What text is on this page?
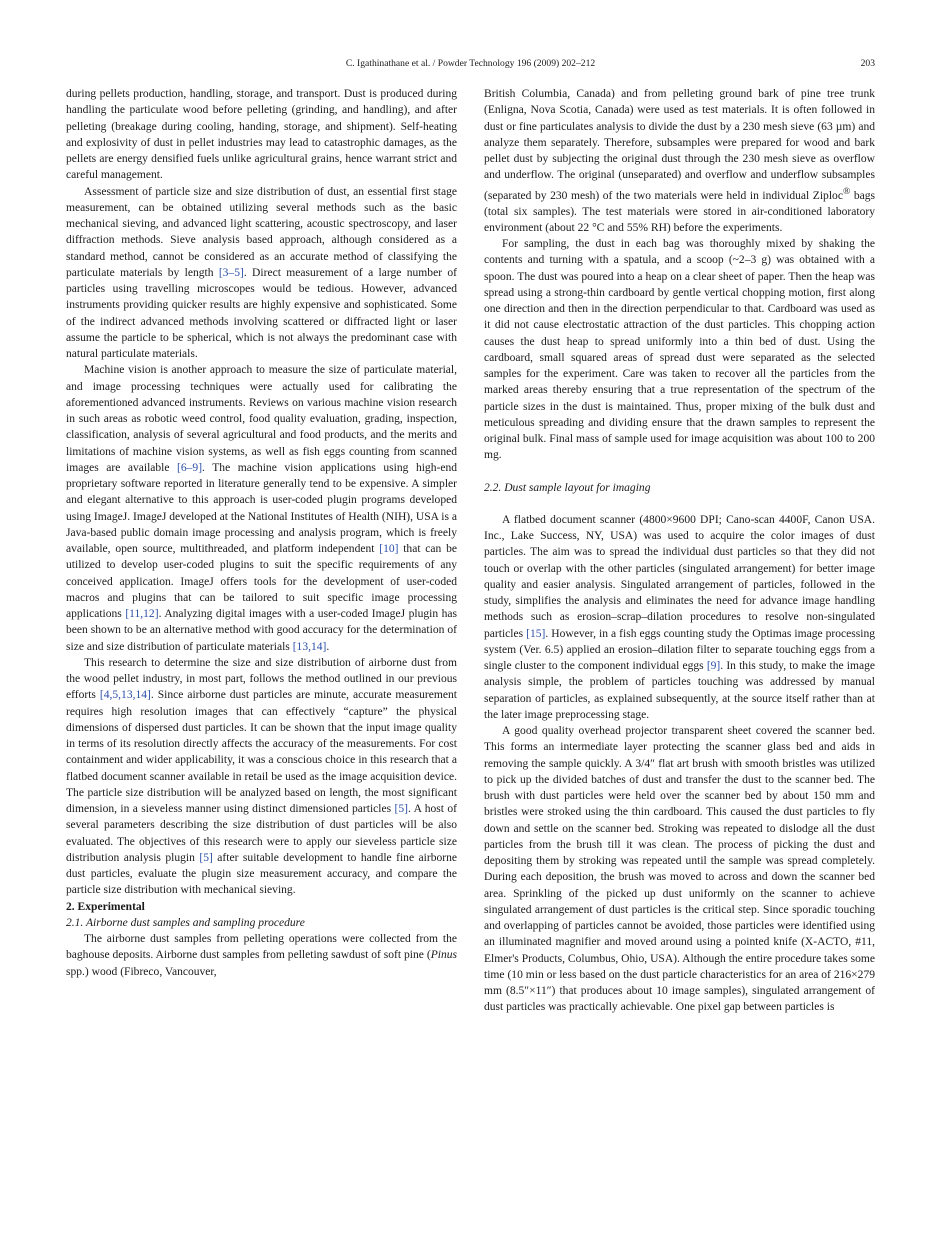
C. Igathinathane et al. / Powder Technology 196 (2009) 202–212	203

during pellets production, handling, storage, and transport. Dust is produced during handling the particulate wood before pelleting (grinding, and handling), and after pelleting (breakage during cooling, handing, storage, and shipment). Self-heating and explosivity of dust in pellet industries may lead to catastrophic damages, as the pellets are energy densified fuels unlike agricultural grains, hence warrant strict and careful management.

Assessment of particle size and size distribution of dust, an essential first stage measurement, can be obtained utilizing several methods such as the basic mechanical sieving, and advanced light scattering, acoustic spectroscopy, and laser diffraction methods. Sieve analysis based approach, although considered as a standard method, cannot be considered as an accurate method of classifying the particulate materials by length [3–5]. Direct measurement of a large number of particles using travelling microscopes would be tedious. However, advanced instruments providing quicker results are highly expensive and sophisticated. Some of the indirect advanced methods involving scattered or diffracted light or laser assume the particle to be spherical, which is not always the predominant case with natural particulate materials.

Machine vision is another approach to measure the size of particulate material, and image processing techniques were actually used for calibrating the aforementioned advanced instruments. Reviews on various machine vision research in such areas as robotic weed control, food quality evaluation, grading, inspection, classification, analysis of several agricultural and food products, and the merits and limitations of machine vision systems, as well as fish eggs counting from scanned images are available [6–9]. The machine vision applications using high-end proprietary software reported in literature generally tend to be expensive. A simpler and elegant alternative to this approach is user-coded plugin programs developed using ImageJ. ImageJ developed at the National Institutes of Health (NIH), USA is a Java-based public domain image processing and analysis program, which is freely available, open source, multithreaded, and platform independent [10] that can be utilized to develop user-coded plugins to suit the specific requirements of any conceived application. ImageJ offers tools for the development of user-coded macros and plugins that can be tailored to suit specific image processing applications [11,12]. Analyzing digital images with a user-coded ImageJ plugin has been shown to be an alternative method with good accuracy for the determination of size and size distribution of particulate materials [13,14].

This research to determine the size and size distribution of airborne dust from the wood pellet industry, in most part, follows the method outlined in our previous efforts [4,5,13,14]. Since airborne dust particles are minute, accurate measurement requires high resolution images that can effectively “capture” the physical dimensions of dispersed dust particles. It can be shown that the input image quality in terms of its resolution directly affects the accuracy of the measurements. For cost containment and wider applicability, it was a conscious choice in this research that a flatbed document scanner available in retail be used as the image acquisition device. The particle size distribution will be analyzed based on length, the most significant dimension, in a sieveless manner using distinct dimensioned particles [5]. A host of several parameters describing the size distribution of dust particles will be also evaluated. The objectives of this research were to apply our sieveless particle size distribution analysis plugin [5] after suitable development to handle fine airborne dust particles, evaluate the plugin size measurement accuracy, and compare the particle size distribution with mechanical sieving.

2. Experimental

2.1. Airborne dust samples and sampling procedure

The airborne dust samples from pelleting operations were collected from the baghouse deposits. Airborne dust samples from pelleting sawdust of soft pine (Pinus spp.) wood (Fibreco, Vancouver,

British Columbia, Canada) and from pelleting ground bark of pine tree trunk (Enligna, Nova Scotia, Canada) were used as test materials. It is often followed in dust or fine particulates analysis to divide the dust by a 230 mesh sieve (63 µm) and analyze them separately. Therefore, subsamples were prepared for wood and bark pellet dust by subjecting the original dust through the 230 mesh sieve as overflow and underflow. The original (unseparated) and overflow and underflow subsamples (separated by 230 mesh) of the two materials were held in individual Ziploc® bags (total six samples). The test materials were stored in air-conditioned laboratory environment (about 22 °C and 55% RH) before the experiments.

For sampling, the dust in each bag was thoroughly mixed by shaking the contents and turning with a spatula, and a scoop (~2–3 g) was obtained with a spoon. The dust was poured into a heap on a clear sheet of paper. Then the heap was spread using a strong-thin cardboard by gentle vertical chopping motion, first along one direction and then in the direction perpendicular to that. Cardboard was used as it did not cause electrostatic attraction of the dust particles. This chopping action causes the dust heap to spread uniformly into a thin bed of dust. Using the cardboard, small squared areas of spread dust were separated as the selected samples for the experiment. Care was taken to recover all the particles from the marked areas thereby ensuring that a true representation of the spectrum of the particle sizes in the dust is maintained. Thus, proper mixing of the bulk dust and meticulous spreading and dividing ensure that the drawn samples to represent the original bulk. Final mass of sample used for image acquisition was about 100 to 200 mg.

2.2. Dust sample layout for imaging

A flatbed document scanner (4800×9600 DPI; Cano-scan 4400F, Canon USA. Inc., Lake Success, NY, USA) was used to acquire the color images of dust particles. The aim was to spread the individual dust particles so that they did not touch or overlap with the other particles (singulated arrangement) for better image quality and easier analysis. Singulated arrangement of particles, followed in the study, simplifies the analysis and eliminates the need for advance image handling methods such as erosion–scrap–dilation procedures to resolve non-singulated particles [15]. However, in a fish eggs counting study the Optimas image processing system (Ver. 6.5) applied an erosion–dilation filter to separate touching eggs from a single cluster to the component individual eggs [9]. In this study, to make the image analysis simple, the problem of particles touching was addressed by manual separation of particles, as explained subsequently, at the source itself rather than at the later image preprocessing stage.

A good quality overhead projector transparent sheet covered the scanner bed. This forms an intermediate layer protecting the scanner glass bed and aids in removing the sample quickly. A 3/4″ flat art brush with smooth bristles was utilized to pick up the divided batches of dust and transfer the dust to the scanner bed. The brush with dust particles were held over the scanner bed by about 150 mm and bristles were stroked using the thin cardboard. This caused the dust particles to fly down and settle on the scanner bed. Stroking was repeated to dislodge all the dust particles from the brush till it was clean. The process of picking the dust and depositing them by stroking was repeated until the sample was spread completely. During each deposition, the brush was moved to across and down the scanner bed area. Sprinkling of the picked up dust uniformly on the scanner to achieve singulated arrangement of dust particles is the critical step. Since sporadic touching and overlapping of particles cannot be avoided, those particles were identified using an illuminated magnifier and moved around using a pointed knife (X-ACTO, #11, Elmer's Products, Columbus, Ohio, USA). Although the entire procedure takes some time (10 min or less based on the dust particle characteristics for an area of 216×279 mm (8.5″×11″) that produces about 10 image samples), singulated arrangement of dust particles was practically achievable. One pixel gap between particles is
